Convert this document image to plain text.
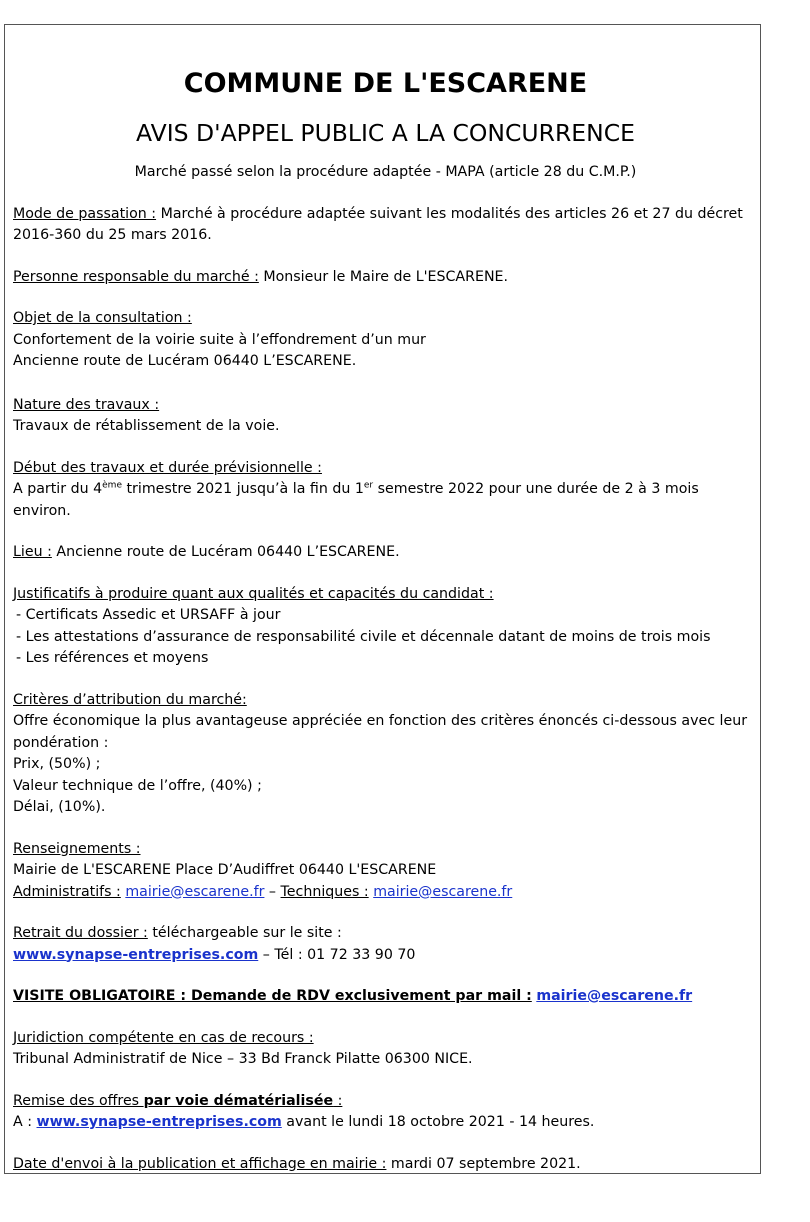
COMMUNE DE L'ESCARENE
AVIS D'APPEL PUBLIC A LA CONCURRENCE
Marché passé selon la procédure adaptée - MAPA (article 28 du C.M.P.)
Mode de passation : Marché à procédure adaptée suivant les modalités des articles 26 et 27 du décret 2016-360 du 25 mars 2016.
Personne responsable du marché : Monsieur le Maire de L'ESCARENE.
Objet de la consultation :
Confortement de la voirie suite à l’effondrement d’un mur
Ancienne route de Lucéram 06440 L’ESCARENE.
Nature des travaux :
Travaux de rétablissement de la voie.
Début des travaux et durée prévisionnelle :
A partir du 4ème trimestre 2021 jusqu’à la fin du 1er semestre 2022 pour une durée de 2 à 3 mois environ.
Lieu : Ancienne route de Lucéram 06440 L’ESCARENE.
Justificatifs à produire quant aux qualités et capacités du candidat :
- Certificats Assedic et URSAFF à jour
- Les attestations d’assurance de responsabilité civile et décennale datant de moins de trois mois
- Les références et moyens
Critères d’attribution du marché:
Offre économique la plus avantageuse appréciée en fonction des critères énoncés ci-dessous avec leur pondération :
Prix, (50%) ;
Valeur technique de l’offre, (40%) ;
Délai, (10%).
Renseignements :
Mairie de L'ESCARENE Place D’Audiffret 06440 L'ESCARENE
Administratifs : mairie@escarene.fr – Techniques : mairie@escarene.fr
Retrait du dossier : téléchargeable sur le site :
www.synapse-entreprises.com – Tél : 01 72 33 90 70
VISITE OBLIGATOIRE : Demande de RDV exclusivement par mail : mairie@escarene.fr
Juridiction compétente en cas de recours :
Tribunal Administratif de Nice – 33 Bd Franck Pilatte 06300 NICE.
Remise des offres par voie dématérialisée :
A : www.synapse-entreprises.com avant le lundi 18 octobre 2021 - 14 heures.
Date d'envoi à la publication et affichage en mairie : mardi 07 septembre 2021.
